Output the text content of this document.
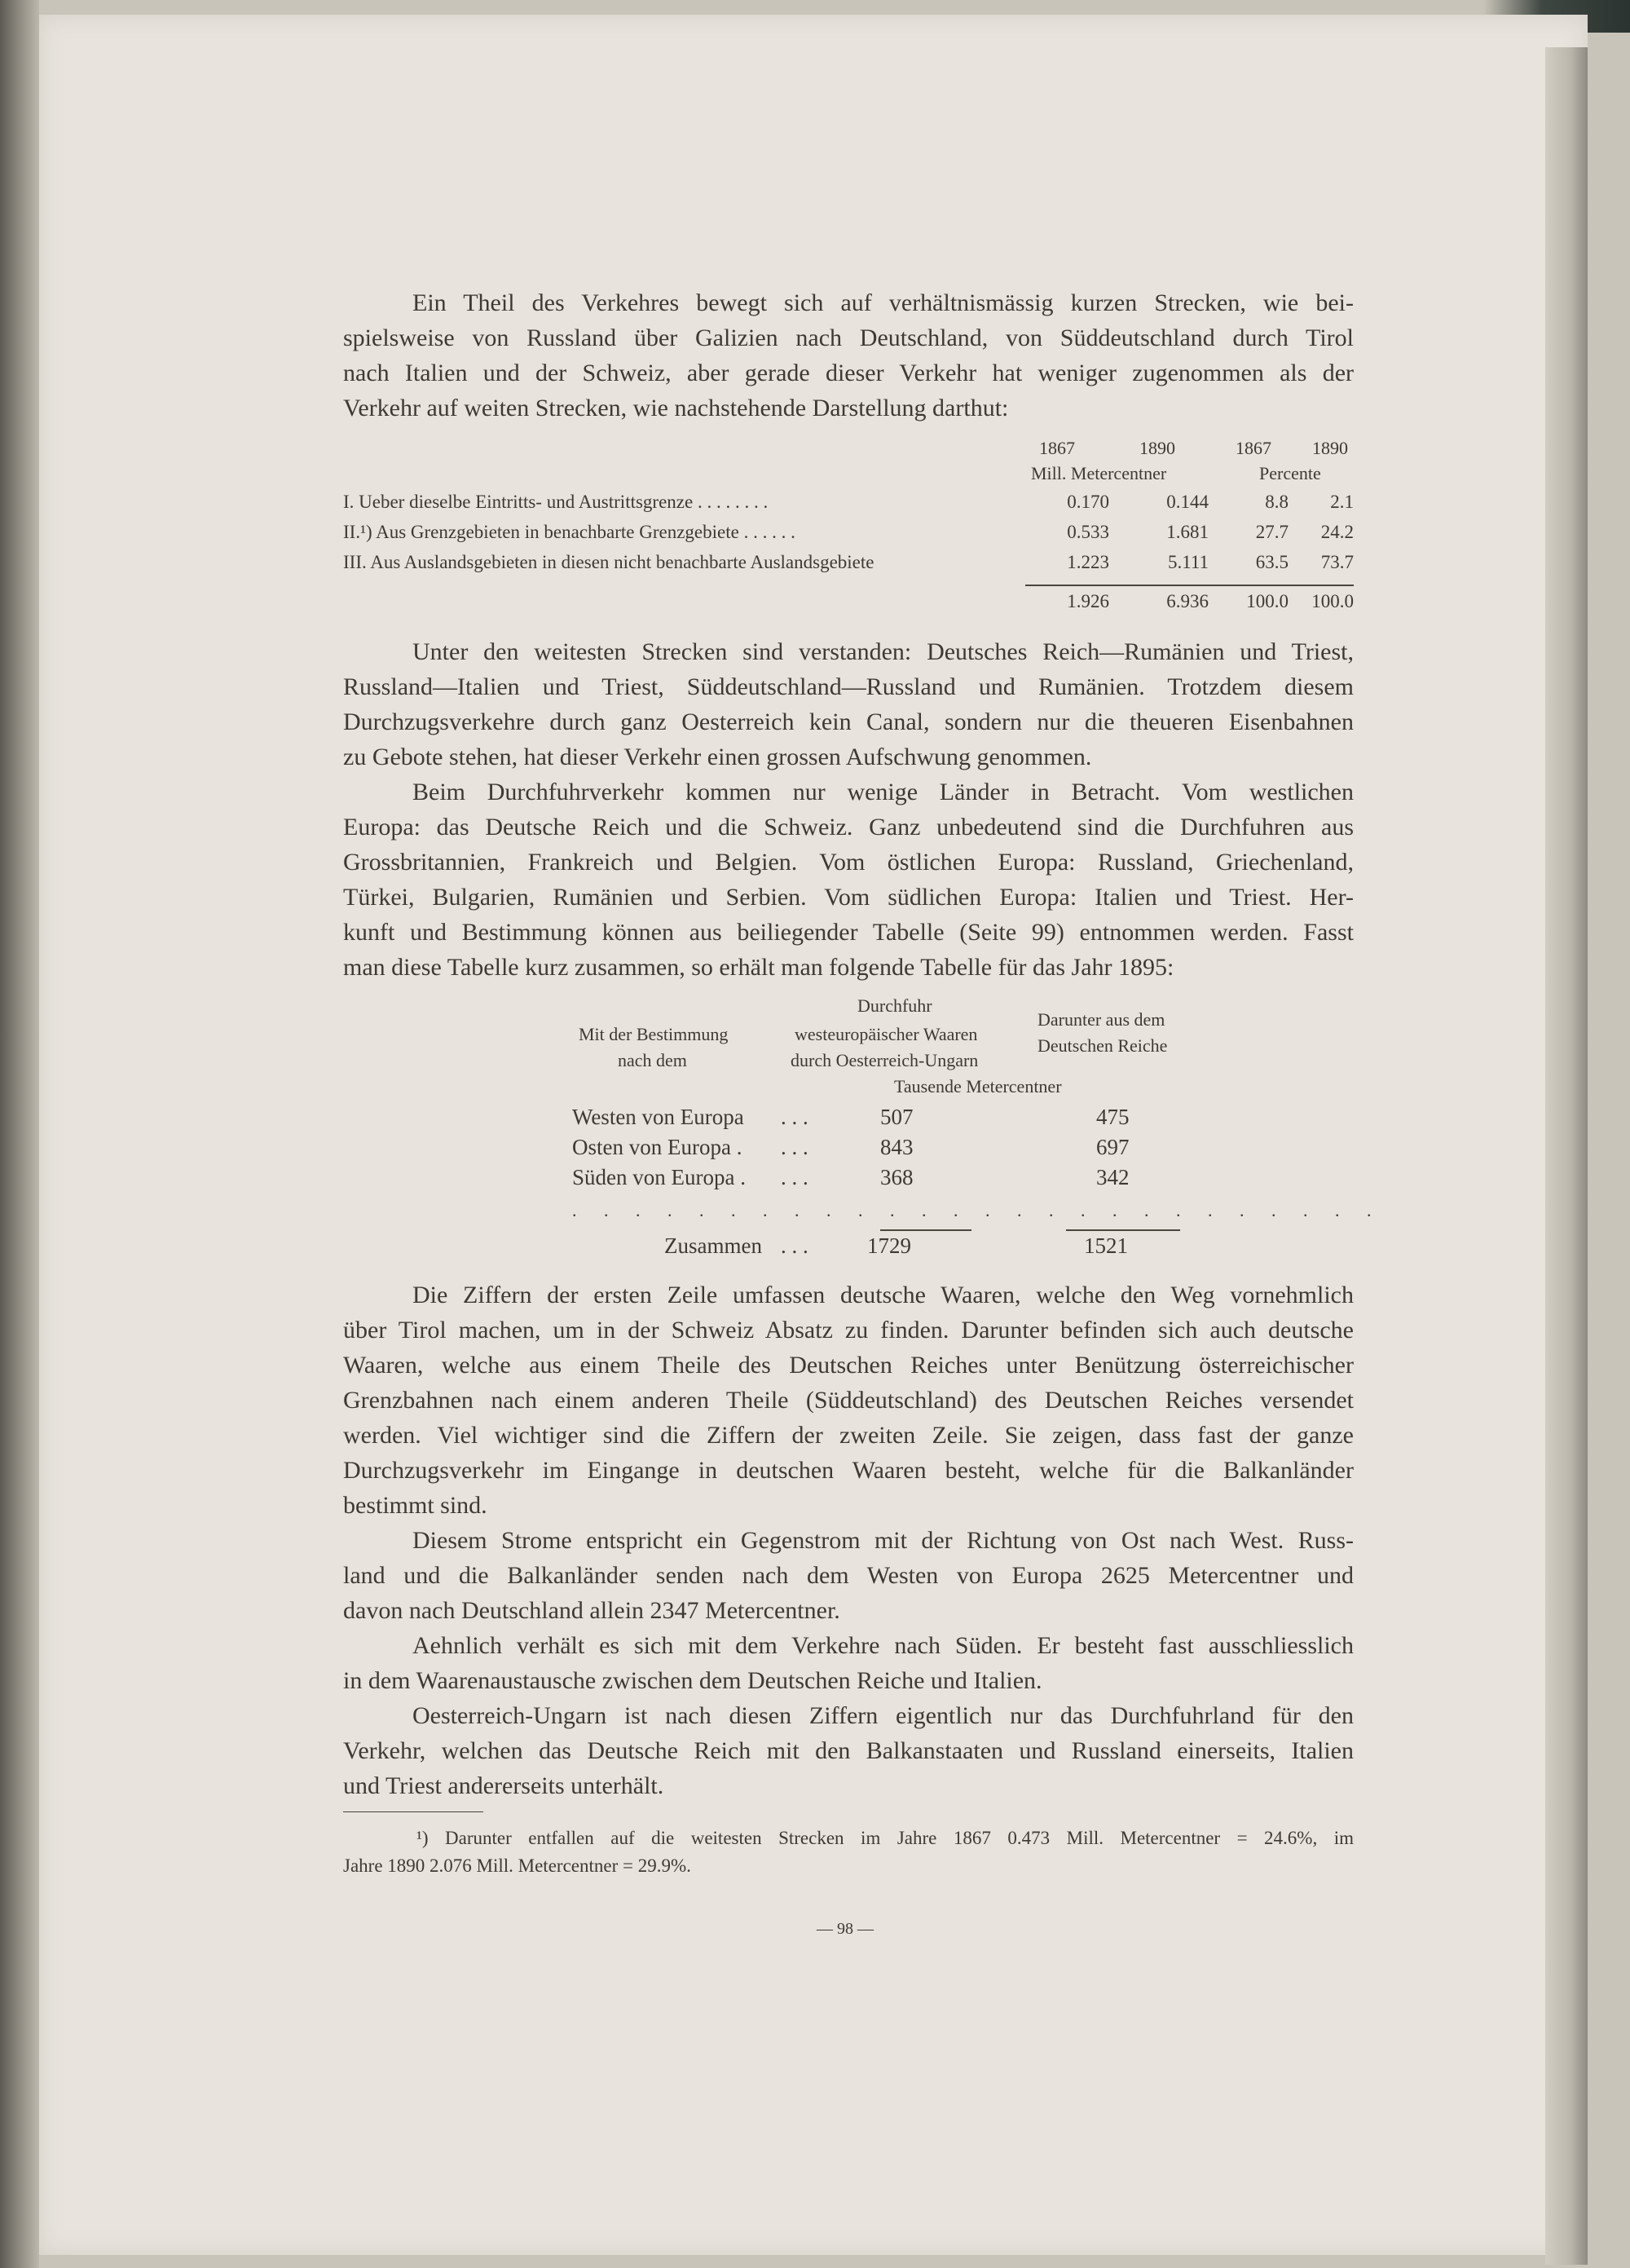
Ein Theil des Verkehres bewegt sich auf verhältnismässig kurzen Strecken, wie bei-
spielsweise von Russland über Galizien nach Deutschland, von Süddeutschland durch Tirol
nach Italien und der Schweiz, aber gerade dieser Verkehr hat weniger zugenommen als der
Verkehr auf weiten Strecken, wie nachstehende Darstellung darthut:
1867	1890	1867 1890
Mill. Metercentner	Percente
I. Ueber dieselbe Eintritts- und Austrittsgrenze . . . . . . . .	0.170	0.144	8.8	2.1
II.¹) Aus Grenzgebieten in benachbarte Grenzgebiete . . . . . .	0.533	1.681	27.7	24.2
III. Aus Auslandsgebieten in diesen nicht benachbarte Auslandsgebiete	1.223	5.111	63.5	73.7
1.926	6.936	100.0	100.0
Unter den weitesten Strecken sind verstanden: Deutsches Reich—Rumänien und Triest,
Russland—Italien und Triest, Süddeutschland—Russland und Rumänien. Trotzdem diesem
Durchzugsverkehre durch ganz Oesterreich kein Canal, sondern nur die theueren Eisenbahnen
zu Gebote stehen, hat dieser Verkehr einen grossen Aufschwung genommen.
Beim Durchfuhrverkehr kommen nur wenige Länder in Betracht. Vom westlichen
Europa: das Deutsche Reich und die Schweiz. Ganz unbedeutend sind die Durchfuhren aus
Grossbritannien, Frankreich und Belgien. Vom östlichen Europa: Russland, Griechenland,
Türkei, Bulgarien, Rumänien und Serbien. Vom südlichen Europa: Italien und Triest. Her-
kunft und Bestimmung können aus beiliegender Tabelle (Seite 99) entnommen werden. Fasst
man diese Tabelle kurz zusammen, so erhält man folgende Tabelle für das Jahr 1895:
Mit der Bestimmung
nach dem
Durchfuhr
westeuropäischer Waaren
durch Oesterreich-Ungarn
Darunter aus dem
Deutschen Reiche
Tausende Metercentner
Westen von Europa . . .	507	475
Osten von Europa . . . .	843	697
Süden von Europa . . . .	368	342
. . . . . . . . . . . . . . . . . . . . . . . . . .
Zusammen . . .	1729	1521
Die Ziffern der ersten Zeile umfassen deutsche Waaren, welche den Weg vornehmlich
über Tirol machen, um in der Schweiz Absatz zu finden. Darunter befinden sich auch deutsche
Waaren, welche aus einem Theile des Deutschen Reiches unter Benützung österreichischer
Grenzbahnen nach einem anderen Theile (Süddeutschland) des Deutschen Reiches versendet
werden. Viel wichtiger sind die Ziffern der zweiten Zeile. Sie zeigen, dass fast der ganze
Durchzugsverkehr im Eingange in deutschen Waaren besteht, welche für die Balkanländer
bestimmt sind.
Diesem Strome entspricht ein Gegenstrom mit der Richtung von Ost nach West. Russ-
land und die Balkanländer senden nach dem Westen von Europa 2625 Metercentner und
davon nach Deutschland allein 2347 Metercentner.
Aehnlich verhält es sich mit dem Verkehre nach Süden. Er besteht fast ausschliesslich
in dem Waarenaustausche zwischen dem Deutschen Reiche und Italien.
Oesterreich-Ungarn ist nach diesen Ziffern eigentlich nur das Durchfuhrland für den
Verkehr, welchen das Deutsche Reich mit den Balkanstaaten und Russland einerseits, Italien
und Triest andererseits unterhält.
¹) Darunter entfallen auf die weitesten Strecken im Jahre 1867 0.473 Mill. Metercentner = 24.6%, im
Jahre 1890 2.076 Mill. Metercentner = 29.9%.
— 98 —
